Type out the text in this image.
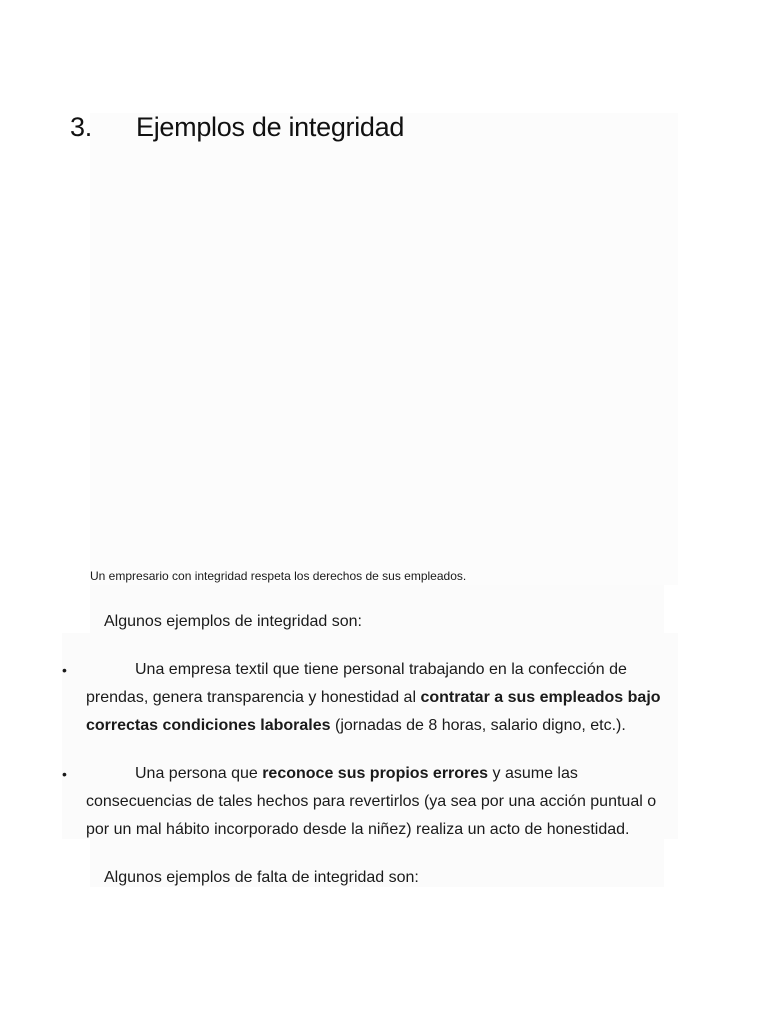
3. Ejemplos de integridad
Un empresario con integridad respeta los derechos de sus empleados.
Algunos ejemplos de integridad son:
•	Una empresa textil que tiene personal trabajando en la confección de prendas, genera transparencia y honestidad al contratar a sus empleados bajo correctas condiciones laborales (jornadas de 8 horas, salario digno, etc.).
•	Una persona que reconoce sus propios errores y asume las consecuencias de tales hechos para revertirlos (ya sea por una acción puntual o por un mal hábito incorporado desde la niñez) realiza un acto de honestidad.
Algunos ejemplos de falta de integridad son:
